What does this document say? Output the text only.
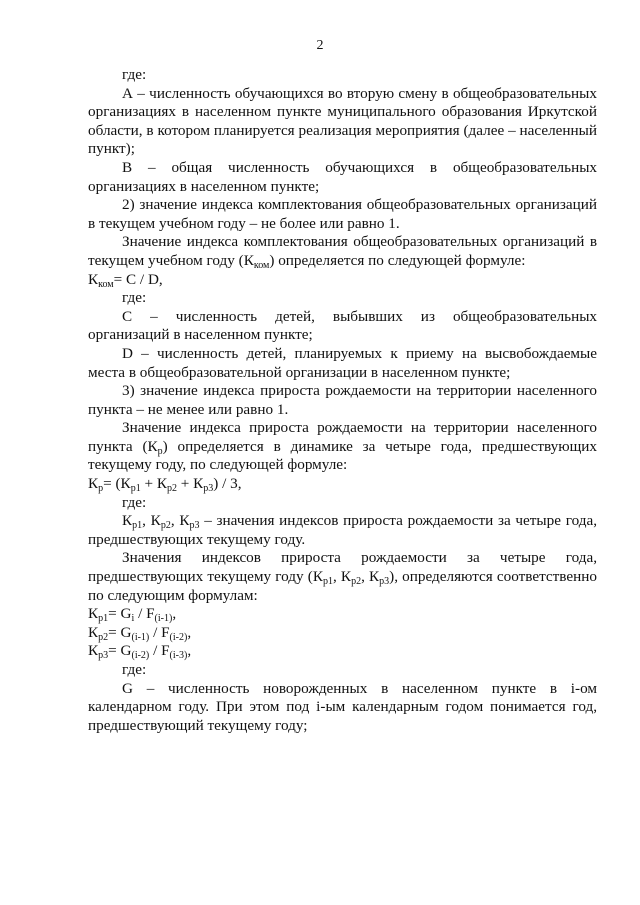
2

где:

А – численность обучающихся во вторую смену в общеобразовательных организациях в населенном пункте муниципального образования Иркутской области, в котором планируется реализация мероприятия (далее – населенный пункт);

В – общая численность обучающихся в общеобразовательных организациях в населенном пункте;

2) значение индекса комплектования общеобразовательных организаций в текущем учебном году – не более или равно 1.

Значение индекса комплектования общеобразовательных организаций в текущем учебном году $(К_{ком})$ определяется по следующей формуле:

$К_{ком}= C / D$,

где:

С – численность детей, выбывших из общеобразовательных организаций в населенном пункте;

D – численность детей, планируемых к приему на высвобождаемые места в общеобразовательной организации в населенном пункте;

3) значение индекса прироста рождаемости на территории населенного пункта – не менее или равно 1.

Значение индекса прироста рождаемости на территории населенного пункта $(К_р)$ определяется в динамике за четыре года, предшествующих текущему году, по следующей формуле:

$К_р= (К_{р1} + К_{р2} + К_{р3}) / 3$,

где:

$К_{р1}$, $К_{р2}$, $К_{р3}$ – значения индексов прироста рождаемости за четыре года, предшествующих текущему году.

Значения индексов прироста рождаемости за четыре года, предшествующих текущему году ($К_{р1}$, $К_{р2}$, $К_{р3}$), определяются соответственно по следующим формулам:

$К_{р1}= G_i / F_{(i-1)}$,

$К_{р2}= G_{(i-1)} / F_{(i-2)}$,

$К_{р3}= G_{(i-2)} / F_{(i-3)}$,

где:

G – численность новорожденных в населенном пункте в i-ом календарном году. При этом под i-ым календарным годом понимается год, предшествующий текущему году;
